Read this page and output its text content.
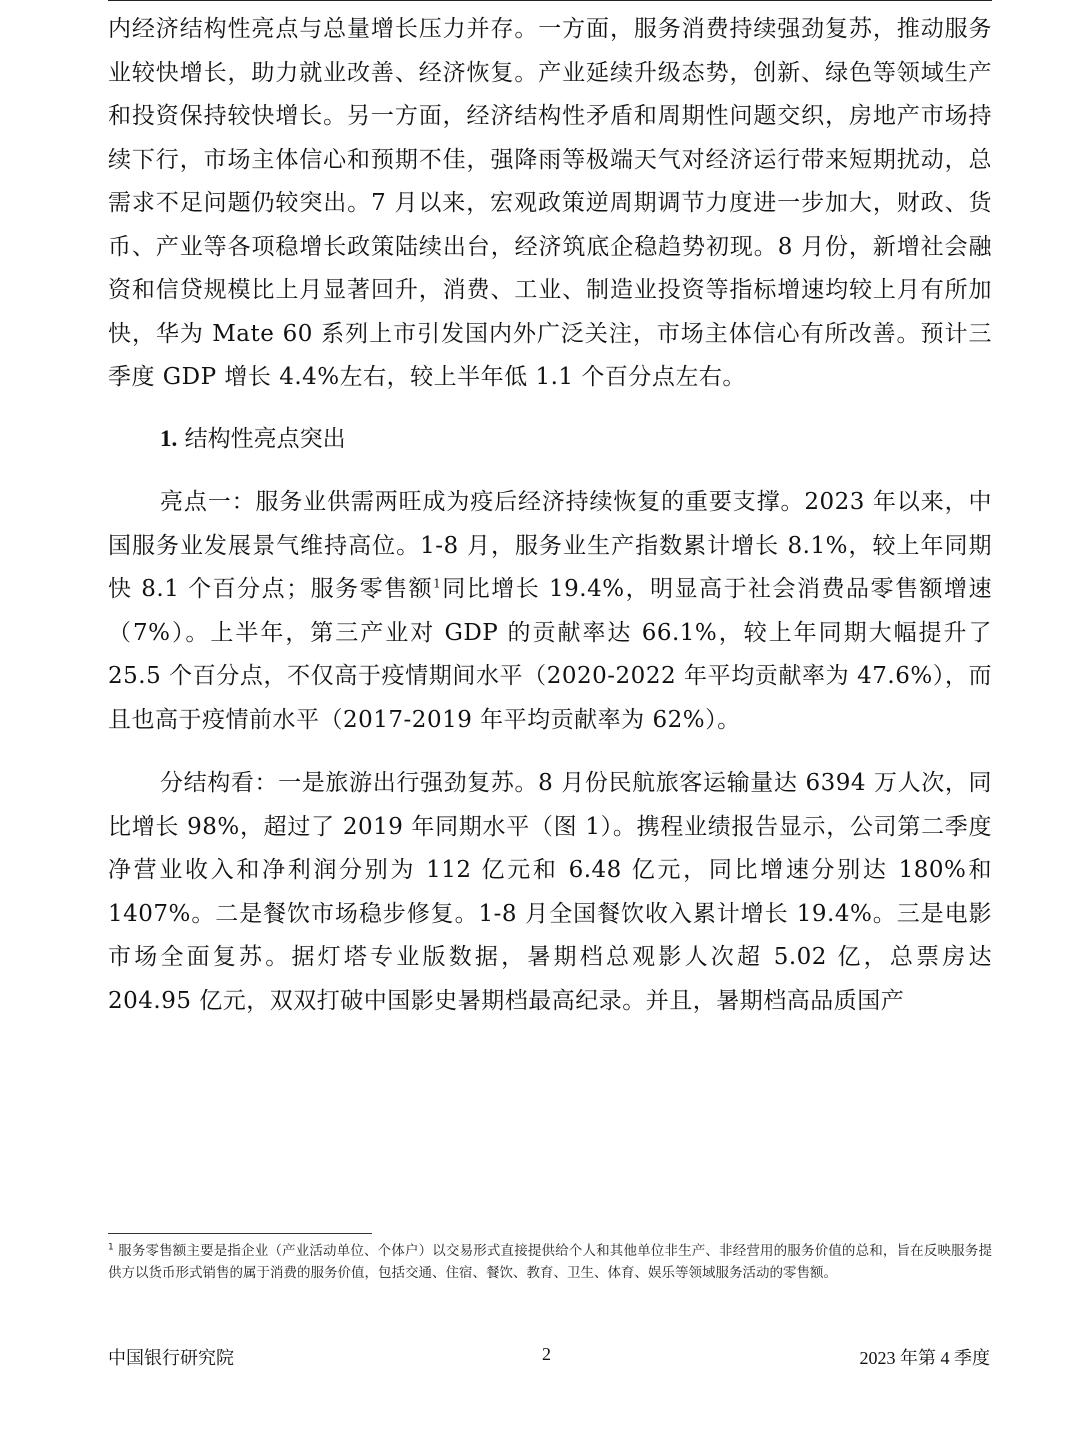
内经济结构性亮点与总量增长压力并存。一方面，服务消费持续强劲复苏，推动服务业较快增长，助力就业改善、经济恢复。产业延续升级态势，创新、绿色等领域生产和投资保持较快增长。另一方面，经济结构性矛盾和周期性问题交织，房地产市场持续下行，市场主体信心和预期不佳，强降雨等极端天气对经济运行带来短期扰动，总需求不足问题仍较突出。7 月以来，宏观政策逆周期调节力度进一步加大，财政、货币、产业等各项稳增长政策陆续出台，经济筑底企稳趋势初现。8 月份，新增社会融资和信贷规模比上月显著回升，消费、工业、制造业投资等指标增速均较上月有所加快，华为 Mate 60 系列上市引发国内外广泛关注，市场主体信心有所改善。预计三季度 GDP 增长 4.4%左右，较上半年低 1.1 个百分点左右。

1. 结构性亮点突出

亮点一：服务业供需两旺成为疫后经济持续恢复的重要支撑。2023 年以来，中国服务业发展景气维持高位。1-8 月，服务业生产指数累计增长 8.1%，较上年同期快 8.1 个百分点；服务零售额$^1$同比增长 19.4%，明显高于社会消费品零售额增速（7%）。上半年，第三产业对 GDP 的贡献率达 66.1%，较上年同期大幅提升了 25.5 个百分点，不仅高于疫情期间水平（2020-2022 年平均贡献率为 47.6%），而且也高于疫情前水平（2017-2019 年平均贡献率为 62%）。

分结构看：一是旅游出行强劲复苏。8 月份民航旅客运输量达 6394 万人次，同比增长 98%，超过了 2019 年同期水平（图 1）。携程业绩报告显示，公司第二季度净营业收入和净利润分别为 112 亿元和 6.48 亿元，同比增速分别达 180%和 1407%。二是餐饮市场稳步修复。1-8 月全国餐饮收入累计增长 19.4%。三是电影市场全面复苏。据灯塔专业版数据，暑期档总观影人次超 5.02 亿，总票房达 204.95 亿元，双双打破中国影史暑期档最高纪录。并且，暑期档高品质国产

$^1$ 服务零售额主要是指企业（产业活动单位、个体户）以交易形式直接提供给个人和其他单位非生产、非经营用的服务价值的总和，旨在反映服务提供方以货币形式销售的属于消费的服务价值，包括交通、住宿、餐饮、教育、卫生、体育、娱乐等领域服务活动的零售额。
中国银行研究院	2	2023 年第 4 季度
